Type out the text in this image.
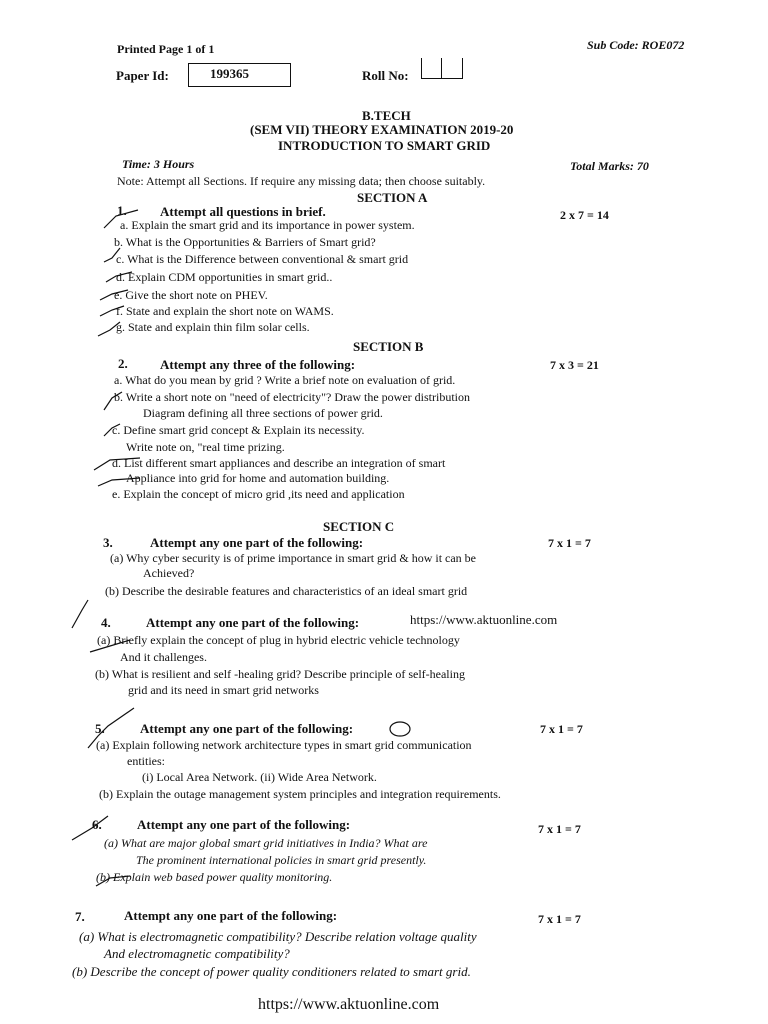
Printed Page 1 of 1	Sub Code: ROE072
Paper Id:	199365	Roll No:
B.TECH
(SEM VII) THEORY EXAMINATION 2019-20
INTRODUCTION TO SMART GRID
Time: 3 Hours	Total Marks: 70
Note: Attempt all Sections. If require any missing data; then choose suitably.
SECTION A
1.	Attempt all questions in brief.	2 x 7 = 14
a. Explain the smart grid and its importance in power system.
b. What is the Opportunities & Barriers of Smart grid?
c. What is the Difference between conventional & smart grid
d. Explain CDM opportunities in smart grid..
e. Give the short note on PHEV.
f. State and explain the short note on WAMS.
g. State and explain thin film solar cells.
SECTION B
2. Attempt any three of the following:	7 x 3 = 21
a. What do you mean by grid ? Write a brief note on evaluation of grid.
b. Write a short note on "need of electricity"? Draw the power distribution
Diagram defining all three sections of power grid.
c. Define smart grid concept & Explain its necessity.
Write note on, "real time prizing.
d. List different smart appliances and describe an integration of smart
Appliance into grid for home and automation building.
e. Explain the concept of micro grid ,its need and application
SECTION C
3.	Attempt any one part of the following:	7 x 1 = 7
(a) Why cyber security is of prime importance in smart grid & how it can be
Achieved?
(b) Describe the desirable features and characteristics of an ideal smart grid
4.	Attempt any one part of the following:	https://www.aktuonline.com
(a) Briefly explain the concept of plug in hybrid electric vehicle technology
And it challenges.
(b) What is resilient and self -healing grid? Describe principle of self-healing
grid and its need in smart grid networks
5.	Attempt any one part of the following:	7 x 1 = 7
(a) Explain following network architecture types in smart grid communication
entities:
(i) Local Area Network. (ii) Wide Area Network.
(b) Explain the outage management system principles and integration requirements.
6.	Attempt any one part of the following:	7 x 1 = 7
(a) What are major global smart grid initiatives in India? What are
The prominent international policies in smart grid presently.
(b) Explain web based power quality monitoring.
7.	Attempt any one part of the following:	7 x 1 = 7
(a) What is electromagnetic compatibility? Describe relation voltage quality
And electromagnetic compatibility?
(b) Describe the concept of power quality conditioners related to smart grid.
https://www.aktuonline.com
